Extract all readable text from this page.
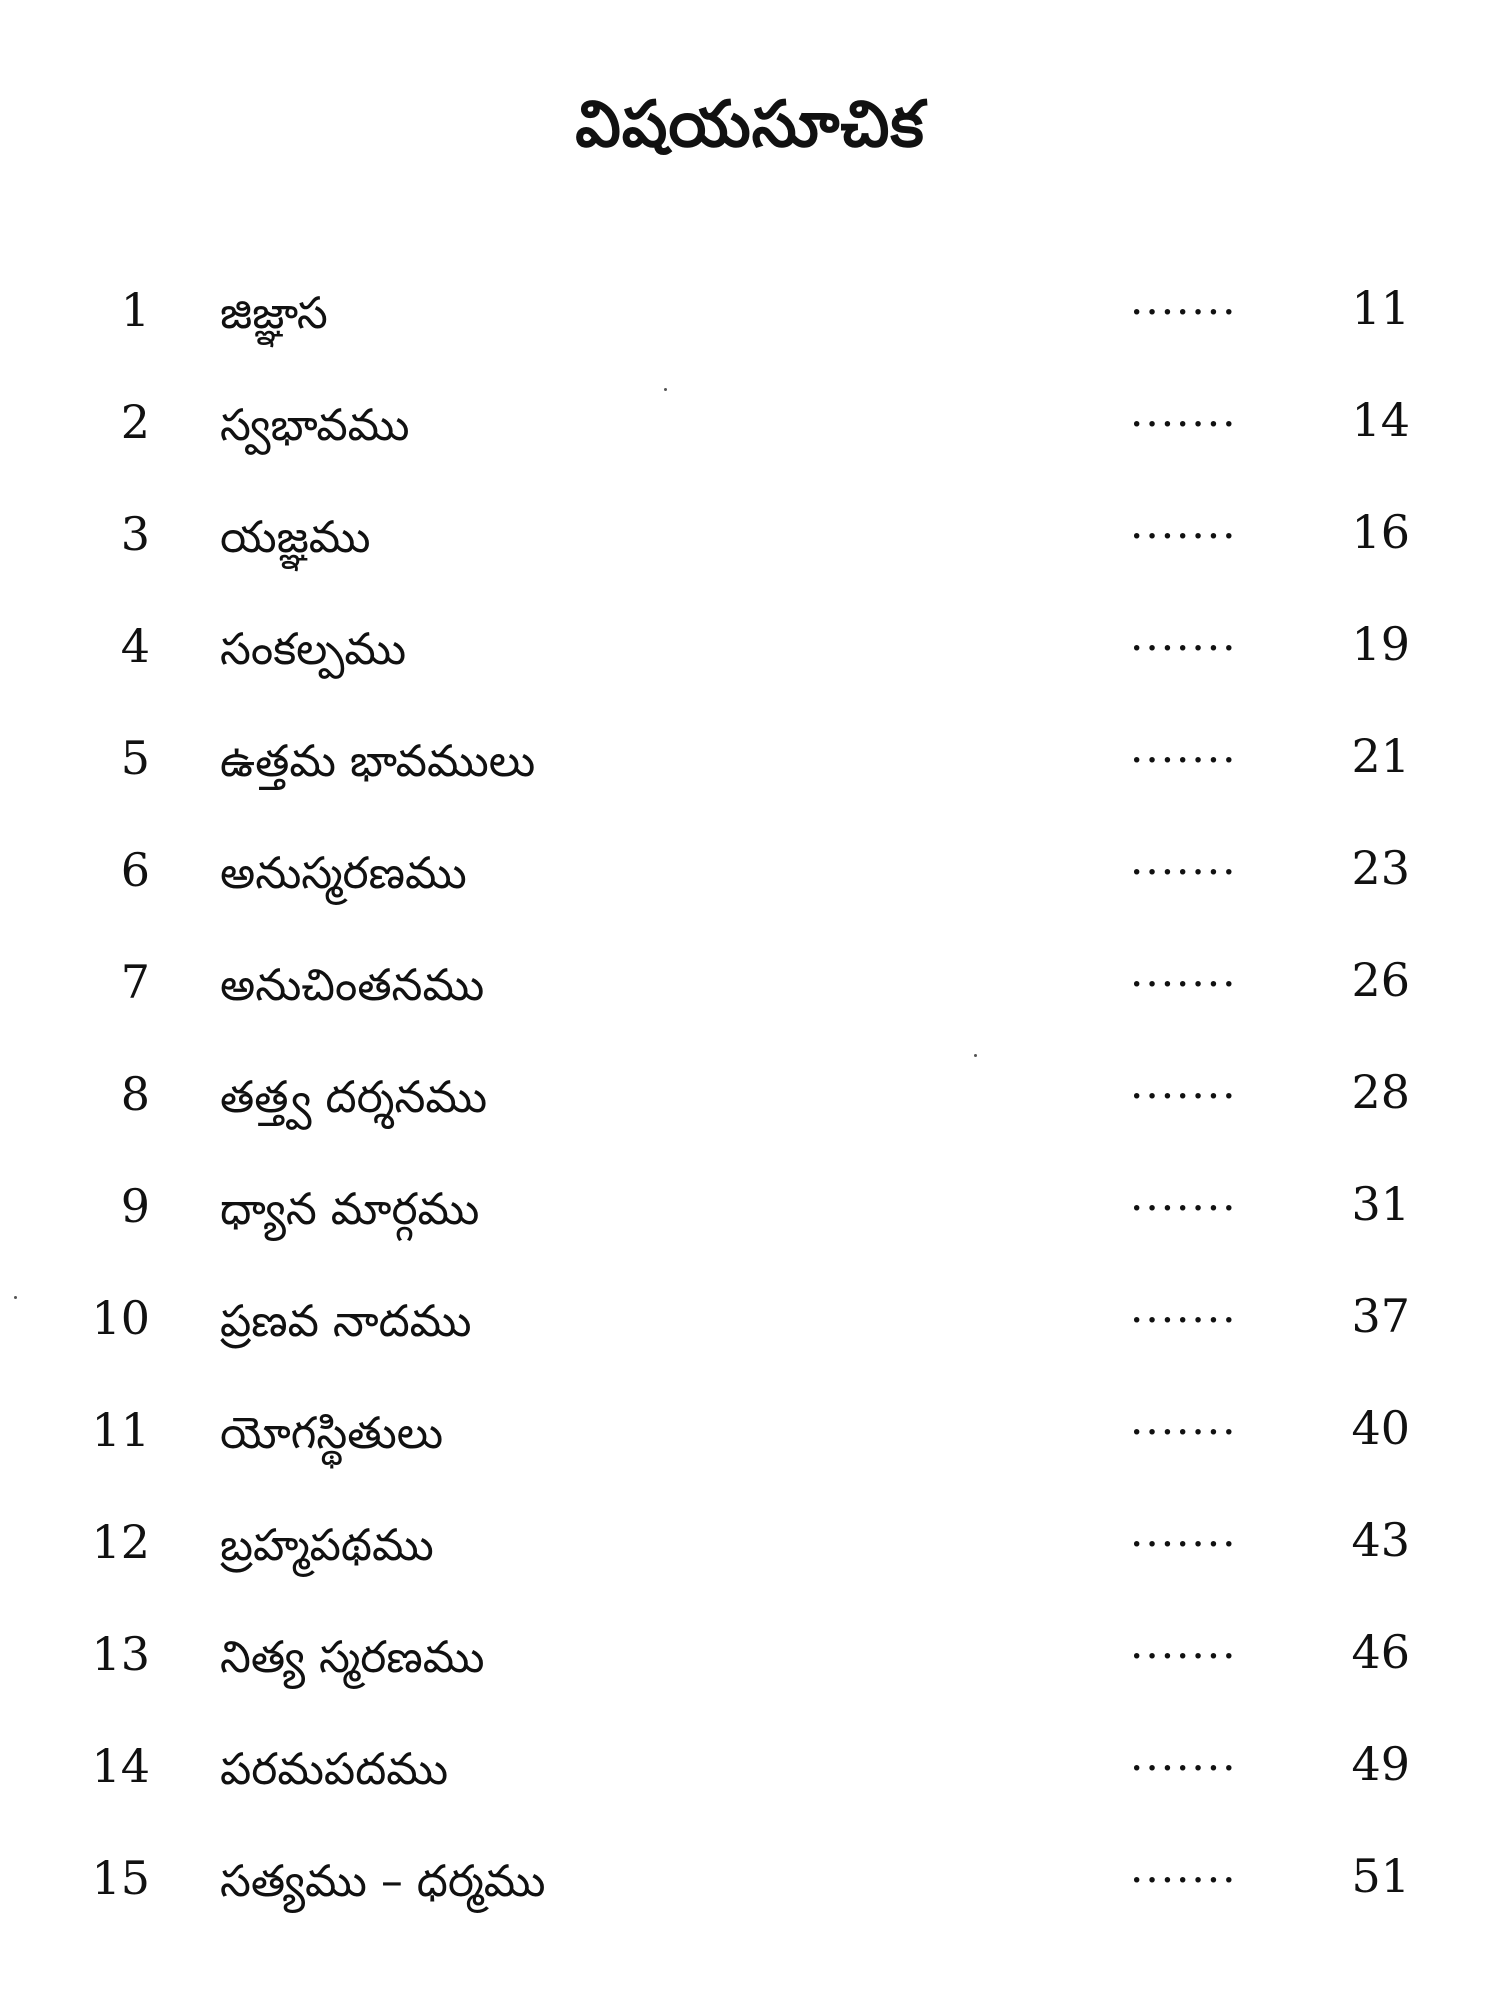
విషయసూచిక
1 జిజ్ఞాస	....... 11
2 స్వభావము	....... 14
3 యజ్ఞము	....... 16
4 సంకల్పము	....... 19
5 ఉత్తమ భావములు	....... 21
6 అనుస్మరణము	....... 23
7 అనుచింతనము	....... 26
8 తత్త్వ దర్శనము	....... 28
9 ధ్యాన మార్గము	....... 31
10 ప్రణవ నాదము	....... 37
11 యోగస్థితులు	....... 40
12 బ్రహ్మపథము	....... 43
13 నిత్య స్మరణము	....... 46
14 పరమపదము	....... 49
15 సత్యము – ధర్మము	....... 51
